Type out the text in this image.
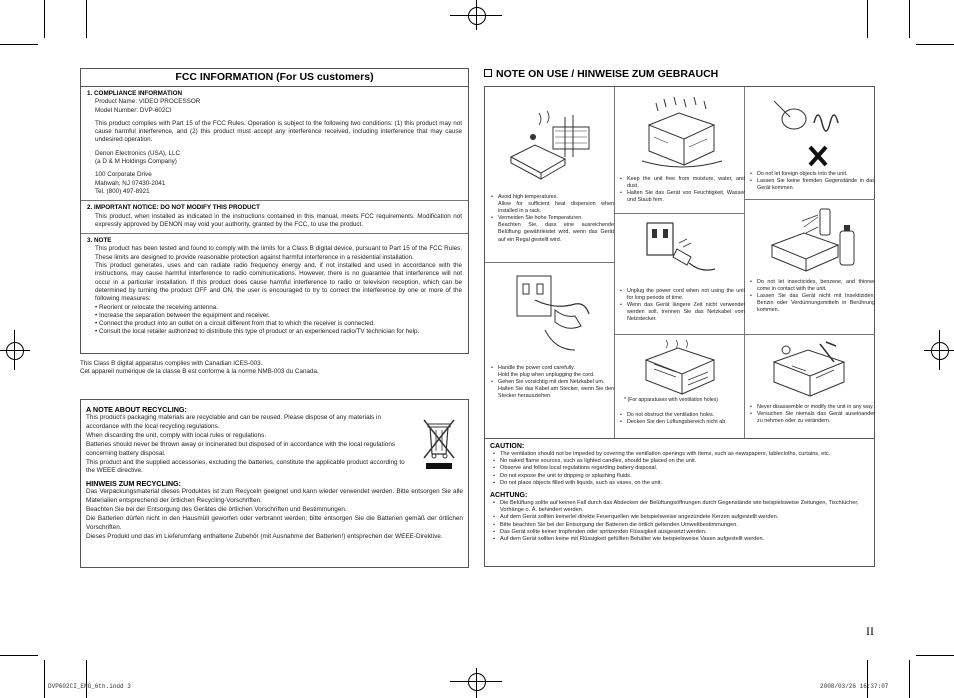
FCC INFORMATION (For US customers)
1. COMPLIANCE INFORMATION
Product Name: VIDEO PROCESSOR
Model Number: DVP-602CI
This product complies with Part 15 of the FCC Rules. Operation is subject to the following two conditions: (1) this product may not cause harmful interference, and (2) this product must accept any interference received, including interference that may cause undesired operation.
Denon Electronics (USA), LLC
(a D & M Holdings Company)
100 Corporate Drive
Mahwah, NJ 07430-2041
Tel. (800) 497-8921
2. IMPORTANT NOTICE: DO NOT MODIFY THIS PRODUCT
This product, when installed as indicated in the instructions contained in this manual, meets FCC requirements. Modification not expressly approved by DENON may void your authority, granted by the FCC, to use the product.
3. NOTE
This product has been tested and found to comply with the limits for a Class B digital device, pursuant to Part 15 of the FCC Rules. These limits are designed to provide reasonable protection against harmful interference in a residential installation.
This product generates, uses and can radiate radio frequency energy and, if not installed and used in accordance with the instructions, may cause harmful interference to radio communications. However, there is no guarantee that interference will not occur in a particular installation. If this product does cause harmful interference to radio or television reception, which can be determined by turning the product OFF and ON, the user is encouraged to try to correct the interference by one or more of the following measures:
• Reorient or relocate the receiving antenna.
• Increase the separation between the equipment and receiver.
• Connect the product into an outlet on a circuit different from that to which the receiver is connected.
• Consult the local retailer authorized to distribute this type of product or an experienced radio/TV technician for help.
This Class B digital apparatus complies with Canadian ICES-003.
Cet appareil numérique de la classe B est conforme à la norme NMB-003 du Canada.
A NOTE ABOUT RECYCLING:
This product's packaging materials are recyclable and can be reused. Please dispose of any materials in accordance with the local recycling regulations.
When discarding the unit, comply with local rules or regulations.
Batteries should never be thrown away or incinerated but disposed of in accordance with the local regulations concerning battery disposal.
This product and the supplied accessories, excluding the batteries, constitute the applicable product according to the WEEE directive.
HINWEIS ZUM RECYCLING:
Das Verpackungsmaterial dieses Produktes ist zum Recyceln geeignet und kann wieder verwendet werden. Bitte entsorgen Sie alle Materialien entsprechend der örtlichen Recycling-Vorschriften.
Beachten Sie bei der Entsorgung des Gerätes die örtlichen Vorschriften und Bestimmungen.
Die Batterien dürfen nicht in den Hausmüll geworfen oder verbrannt werden; bitte entsorgen Sie die Batterien gemäß der örtlichen Vorschriften.
Dieses Produkt und das im Lieferumfang enthaltene Zubehör (mit Ausnahme der Batterien!) entsprechen der WEEE-Direktive.
NOTE ON USE / HINWEISE ZUM GEBRAUCH
• Avoid high temperatures.
Allow for sufficient heat dispersion when installed in a rack.
• Vermeiden Sie hohe Temperaturen.
Beachten Sie, dass eine ausreichende Belüftung gewährleistet wird, wenn das Gerät auf ein Regal gestellt wird.
• Keep the unit free from moisture, water, and dust.
• Halten Sie das Gerät von Feuchtigkeit, Wasser und Staub fern.
• Do not let foreign objects into the unit.
• Lassen Sie keine fremden Gegenstände in das Gerät kommen.
• Handle the power cord carefully.
Hold the plug when unplugging the cord.
• Gehen Sie vorsichtig mit dem Netzkabel um.
Halten Sie das Kabel am Stecker, wenn Sie den Stecker herausziehen.
• Unplug the power cord when not using the unit for long periods of time.
• Wenn das Gerät längere Zeit nicht verwendet werden soll, trennen Sie das Netzkabel vom Netzstecker.
• Do not let insecticides, benzene, and thinner come in contact with the unit.
• Lassen Sie das Gerät nicht mit Insektiziden, Benzin oder Verdünnungsmitteln in Berührung kommen.
* (For apparatuses with ventilation holes)
• Do not obstruct the ventilation holes.
• Decken Sie den Lüftungsbereich nicht ab.
• Never disassemble or modify the unit in any way.
• Versuchen Sie niemals das Gerät auseinander zu nehmen oder zu verändern.
CAUTION:
• The ventilation should not be impeded by covering the ventilation openings with items, such as newspapers, tablecloths, curtains, etc.
• No naked flame sources, such as lighted candles, should be placed on the unit.
• Observe and follow local regulations regarding battery disposal.
• Do not expose the unit to dripping or splashing fluids.
• Do not place objects filled with liquids, such as vases, on the unit.
ACHTUNG:
• Die Belüftung sollte auf keinen Fall durch das Abdecken der Belüftungsöffnungen durch Gegenstände wie beispielsweise Zeitungen, Tischtücher, Vorhänge o. Ä. behindert werden.
• Auf dem Gerät sollten keinerlei direkte Feuerquellen wie beispielsweise angezündete Kerzen aufgestellt werden.
• Bitte beachten Sie bei der Entsorgung der Batterien die örtlich geltenden Umweltbestimmungen.
• Das Gerät sollte keiner tropfenden oder spritzenden Flüssigkeit ausgesetzt werden.
• Auf dem Gerät sollten keine mit Flüssigkeit gefüllten Behälter wie beispielsweise Vasen aufgestellt werden.
II
DVP602CI_ENG_6th.indd 3	2008/03/26 16:37:07
